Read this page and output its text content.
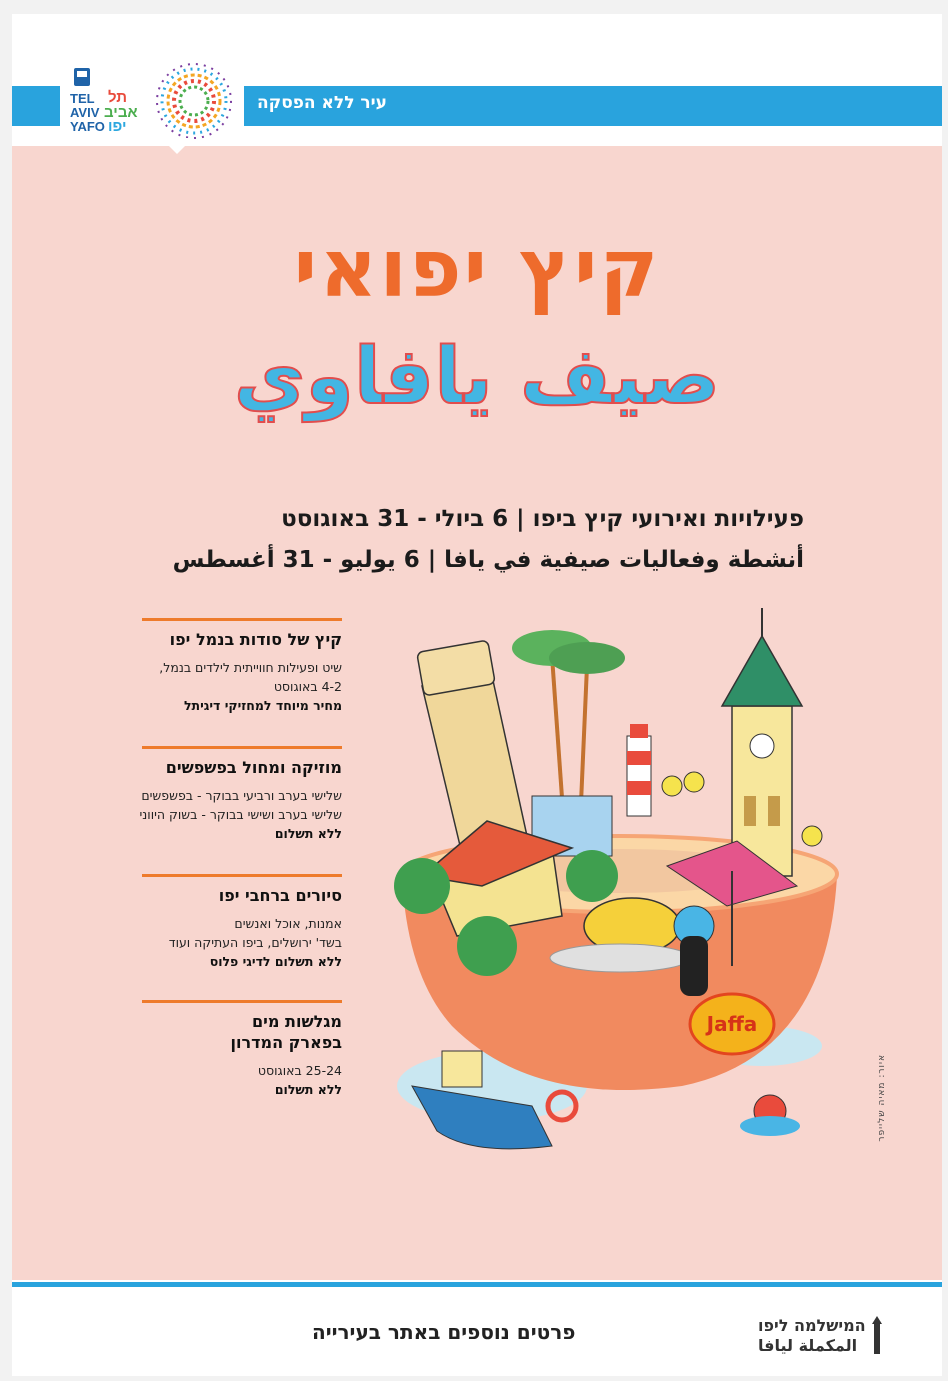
עיר ללא הפסקה
TEL תל
AVIV אביב
YAFO יפו
קיץ יפואי
صيف يافاوي
פעילויות ואירועי קיץ ביפו | 6 ביולי - 31 באוגוסט
أنشطة وفعاليات صيفية في يافا | 6 يوليو - 31 أغسطس
קיץ של סודות בנמל יפו
שיט ופעילות חווייתית לילדים בנמל,
4-2 באוגוסט
מחיר מיוחד למחזיקי דיגיתל
מוזיקה ומחול בפשפשים
שלישי בערב ורביעי בבוקר - בפשפשים
שלישי בערב ושישי בבוקר - בשוק היווני
ללא תשלום
סיורים ברחבי יפו
אמנות, אוכל ואנשים
בשד' ירושלים, ביפו העתיקה ועוד
ללא תשלום לדיגי פלוס
מגלשות מים
בפארק המדרון
25-24 באוגוסט
ללא תשלום
Jaffa
איור: מאיה שלייפר
פרטים נוספים באתר בעירייה	המישלמה ליפו
المكملة ليافا
